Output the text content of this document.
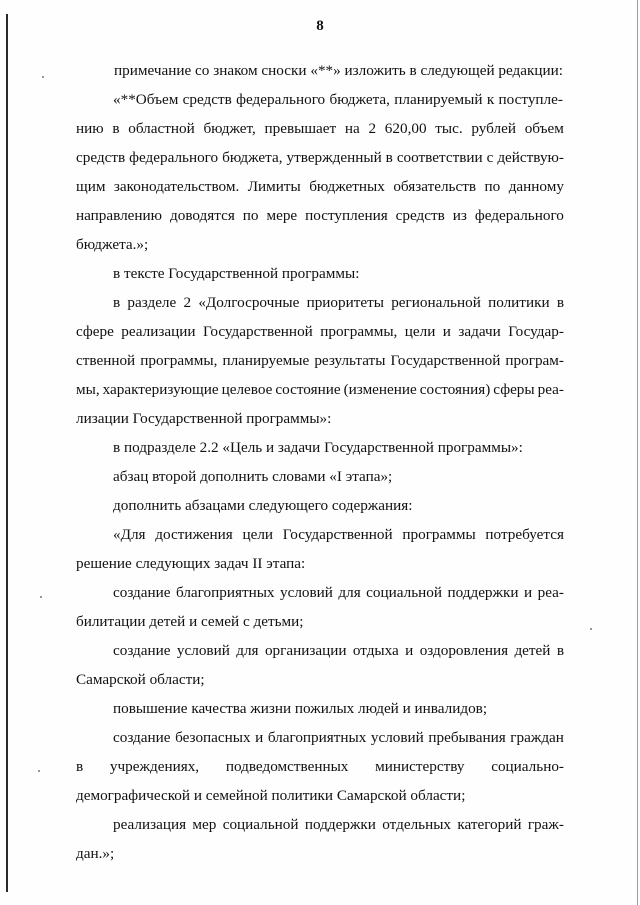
8
примечание со знаком сноски «**» изложить в следующей редакции:
«**Объем средств федерального бюджета, планируемый к поступле-
нию в областной бюджет, превышает на 2 620,00 тыс. рублей объем
средств федерального бюджета, утвержденный в соответствии с действую-
щим законодательством. Лимиты бюджетных обязательств по данному
направлению доводятся по мере поступления средств из федерального
бюджета.»;
в тексте Государственной программы:
в разделе 2 «Долгосрочные приоритеты региональной политики в
сфере реализации Государственной программы, цели и задачи Государ-
ственной программы, планируемые результаты Государственной програм-
мы, характеризующие целевое состояние (изменение состояния) сферы реа-
лизации Государственной программы»:
в подразделе 2.2 «Цель и задачи Государственной программы»:
абзац второй дополнить словами «I этапа»;
дополнить абзацами следующего содержания:
«Для достижения цели Государственной программы потребуется
решение следующих задач II этапа:
создание благоприятных условий для социальной поддержки и реа-
билитации детей и семей с детьми;
создание условий для организации отдыха и оздоровления детей в
Самарской области;
повышение качества жизни пожилых людей и инвалидов;
создание безопасных и благоприятных условий пребывания граждан
в учреждениях, подведомственных министерству социально-
демографической и семейной политики Самарской области;
реализация мер социальной поддержки отдельных категорий граж-
дан.»;
